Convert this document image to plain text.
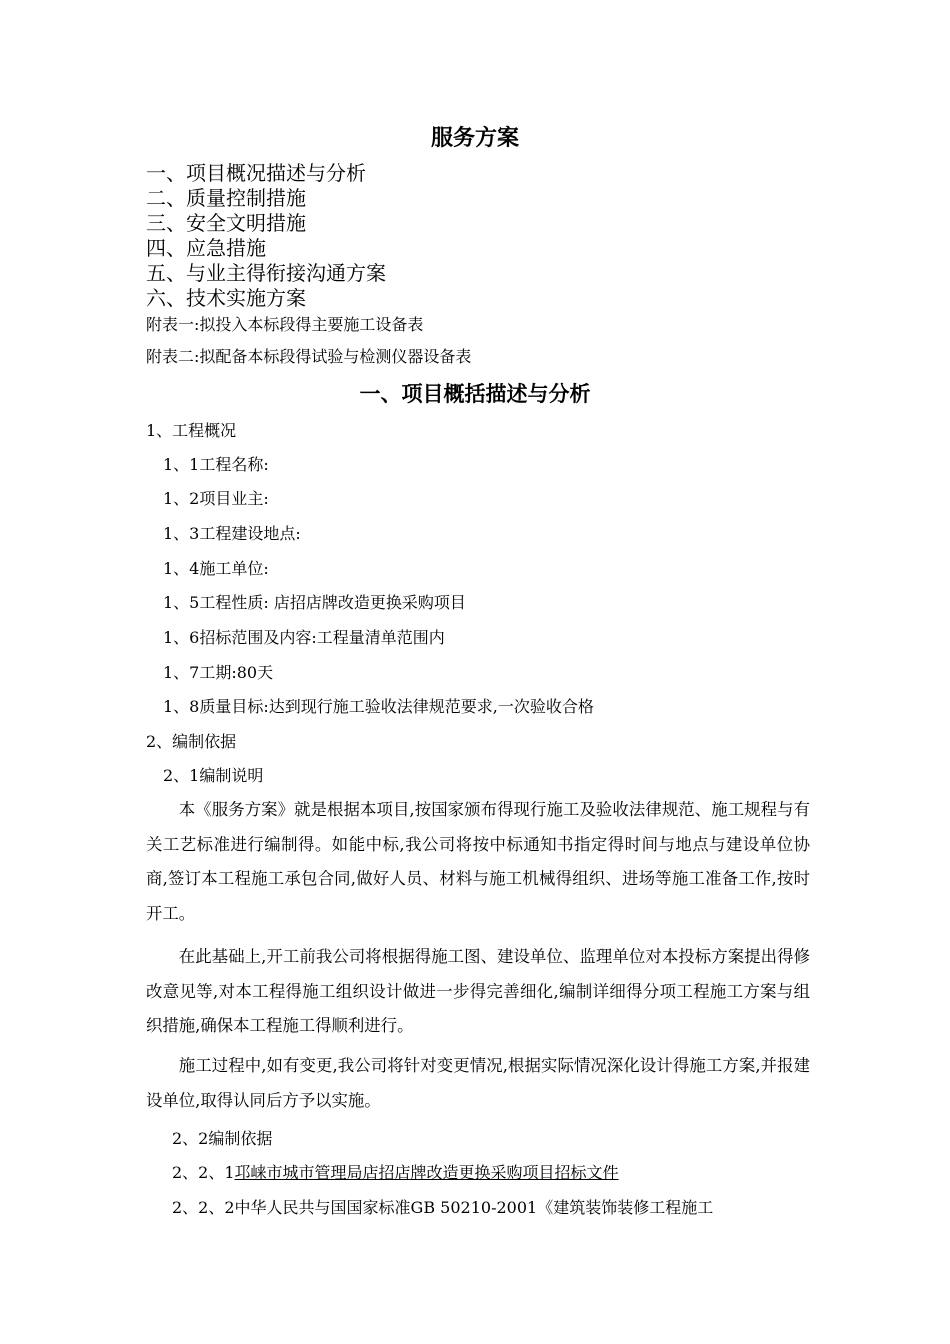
服务方案
一、项目概况描述与分析
二、质量控制措施
三、安全文明措施
四、应急措施
五、与业主得衔接沟通方案
六、技术实施方案
附表一:拟投入本标段得主要施工设备表
附表二:拟配备本标段得试验与检测仪器设备表
一、项目概括描述与分析
1、工程概况
1、1工程名称:
1、2项目业主:
1、3工程建设地点:
1、4施工单位:
1、5工程性质: 店招店牌改造更换采购项目
1、6招标范围及内容:工程量清单范围内
1、7工期:80天
1、8质量目标:达到现行施工验收法律规范要求,一次验收合格
2、编制依据
2、1编制说明
本《服务方案》就是根据本项目,按国家颁布得现行施工及验收法律规范、施工规程与有关工艺标准进行编制得。如能中标,我公司将按中标通知书指定得时间与地点与建设单位协商,签订本工程施工承包合同,做好人员、材料与施工机械得组织、进场等施工准备工作,按时开工。
在此基础上,开工前我公司将根据得施工图、建设单位、监理单位对本投标方案提出得修改意见等,对本工程得施工组织设计做进一步得完善细化,编制详细得分项工程施工方案与组织措施,确保本工程施工得顺利进行。
施工过程中,如有变更,我公司将针对变更情况,根据实际情况深化设计得施工方案,并报建设单位,取得认同后方予以实施。
2、2编制依据
2、2、1邛崃市城市管理局店招店牌改造更换采购项目招标文件
2、2、2中华人民共与国国家标准GB 50210-2001《建筑装饰装修工程施工
